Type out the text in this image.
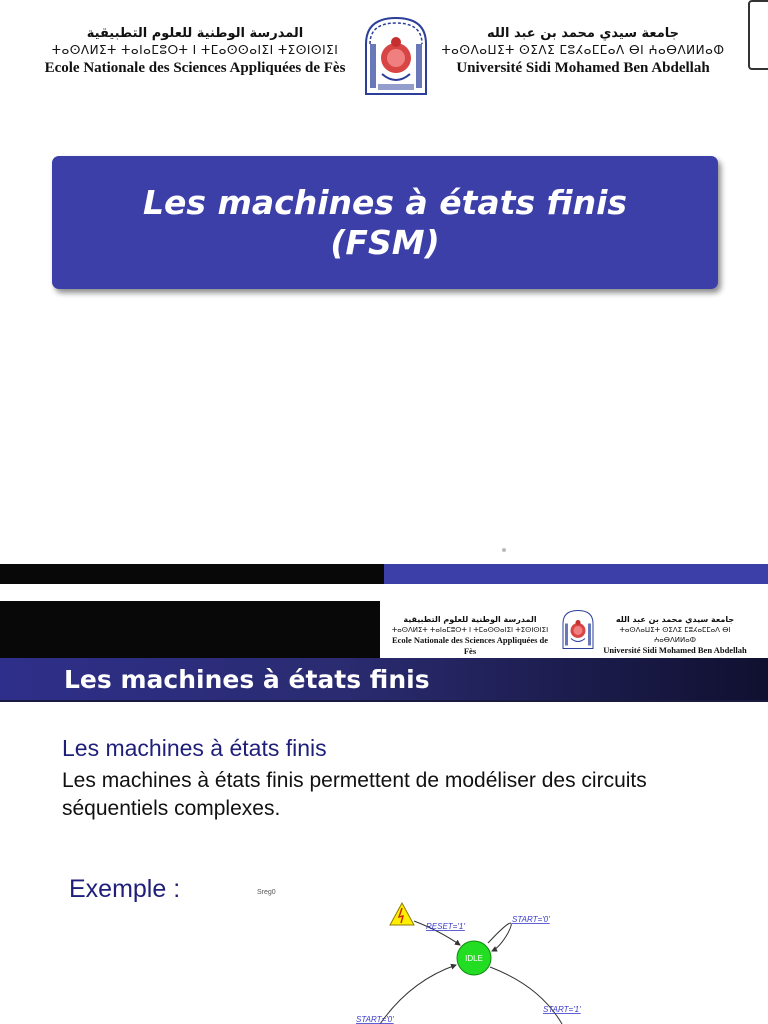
المدرسة الوطنية للعلوم التطبيقية
ⵜⴰⵙⴷⵍⵉⵜ ⵜⴰⵏⴰⵎⵓⵔⵜ ⵏ ⵜⵎⴰⵙⵙⴰⵏⵉⵏ ⵜⵉⵙⵏⵙⵏⵉⵏ
Ecole Nationale des Sciences Appliquées de Fès
جامعة سيدي محمد بن عبد الله
ⵜⴰⵙⴷⴰⵡⵉⵜ ⵙⵉⴷⵉ ⵎⵓⵃⴰⵎⵎⴰⴷ ⴱⵏ ⵄⴰⴱⴷⵍⵍⴰⵀ
Université Sidi Mohamed Ben Abdellah
Les machines à états finis
(FSM)
المدرسة الوطنية للعلوم التطبيقية
ⵜⴰⵙⴷⵍⵉⵜ ⵜⴰⵏⴰⵎⵓⵔⵜ ⵏ ⵜⵎⴰⵙⵙⴰⵏⵉⵏ ⵜⵉⵙⵏⵙⵏⵉⵏ
Ecole Nationale des Sciences Appliquées de Fès
جامعة سيدي محمد بن عبد الله
ⵜⴰⵙⴷⴰⵡⵉⵜ ⵙⵉⴷⵉ ⵎⵓⵃⴰⵎⵎⴰⴷ ⴱⵏ ⵄⴰⴱⴷⵍⵍⴰⵀ
Université Sidi Mohamed Ben Abdellah
Les machines à états finis
Les machines à états finis
Les machines à états finis permettent de modéliser des circuits séquentiels complexes.
Exemple :	Sreg0
RESET='1'
START='0'
IDLE
START='1'
START='0'
